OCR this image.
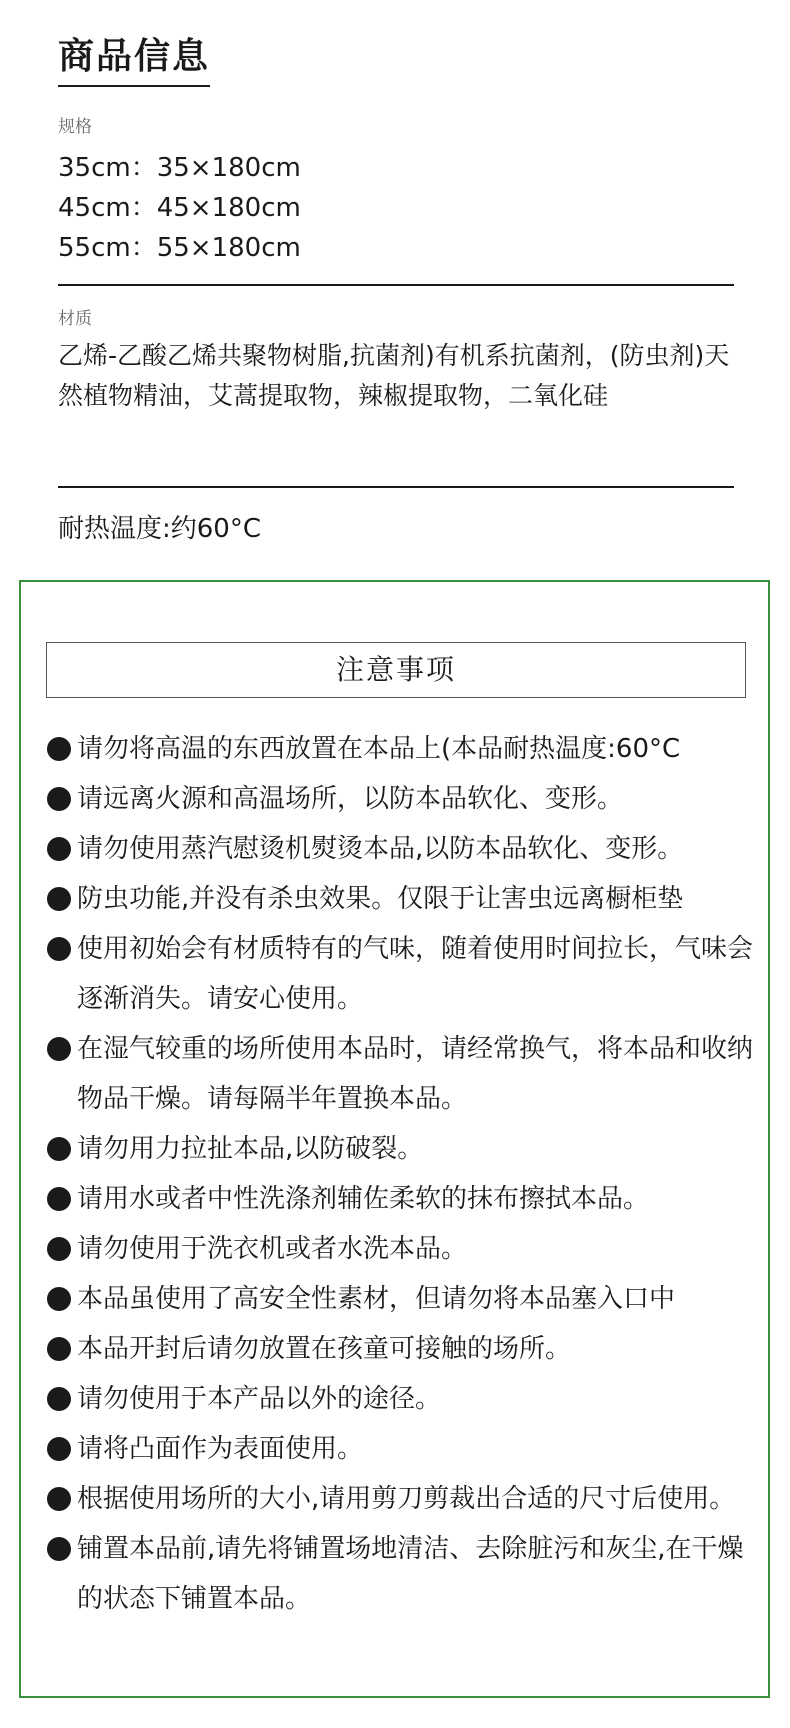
商品信息
规格
35cm：35×180cm
45cm：45×180cm
55cm：55×180cm
材质
乙烯-乙酸乙烯共聚物树脂,抗菌剂)有机系抗菌剂，(防虫剂)天然植物精油，艾蒿提取物，辣椒提取物，二氧化硅
耐热温度:约60°C
注意事项
请勿将高温的东西放置在本品上(本品耐热温度:60°C
请远离火源和高温场所，以防本品软化、变形。
请勿使用蒸汽慰烫机熨烫本品,以防本品软化、变形。
防虫功能,并没有杀虫效果。仅限于让害虫远离橱柜垫
使用初始会有材质特有的气味，随着使用时间拉长，气味会逐渐消失。请安心使用。
在湿气较重的场所使用本品时，请经常换气，将本品和收纳物品干燥。请每隔半年置换本品。
请勿用力拉扯本品,以防破裂。
请用水或者中性洗涤剂辅佐柔软的抹布擦拭本品。
请勿使用于洗衣机或者水洗本品。
本品虽使用了高安全性素材，但请勿将本品塞入口中
本品开封后请勿放置在孩童可接触的场所。
请勿使用于本产品以外的途径。
请将凸面作为表面使用。
根据使用场所的大小,请用剪刀剪裁出合适的尺寸后使用。
铺置本品前,请先将铺置场地清洁、去除脏污和灰尘,在干燥的状态下铺置本品。
